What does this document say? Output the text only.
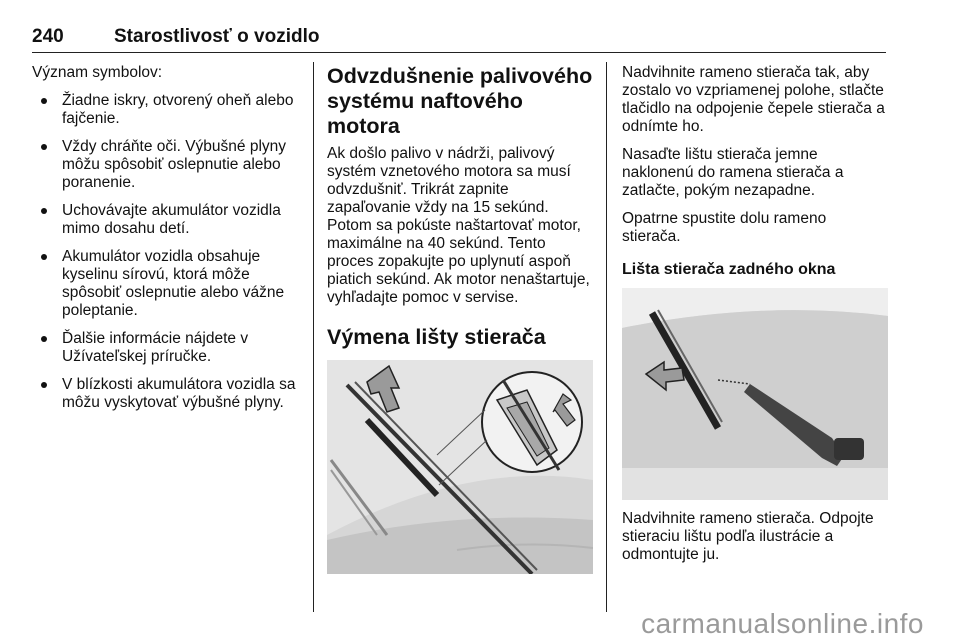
240	Starostlivosť o vozidlo

Význam symbolov:

Žiadne iskry, otvorený oheň alebo fajčenie.
Vždy chráňte oči. Výbušné plyny môžu spôsobiť oslepnutie alebo poranenie.
Uchovávajte akumulátor vozidla mimo dosahu detí.
Akumulátor vozidla obsahuje kyselinu sírovú, ktorá môže spôsobiť oslepnutie alebo vážne poleptanie.
Ďalšie informácie nájdete v Užívateľskej príručke.
V blízkosti akumulátora vozidla sa môžu vyskytovať výbušné plyny.
Odvzdušnenie palivového systému naftového motora

Ak došlo palivo v nádrži, palivový systém vznetového motora sa musí odvzdušniť. Trikrát zapnite zapaľovanie vždy na 15 sekúnd. Potom sa pokúste naštartovať motor, maximálne na 40 sekúnd. Tento proces zopakujte po uplynutí aspoň piatich sekúnd. Ak motor nenaštartuje, vyhľadajte pomoc v servise.

Výmena lišty stierača

Nadvihnite rameno stierača tak, aby zostalo vo vzpriamenej polohe, stlačte tlačidlo na odpojenie čepele stierača a odnímte ho.

Nasaďte lištu stierača jemne naklonenú do ramena stierača a zatlačte, pokým nezapadne.

Opatrne spustite dolu rameno stierača.

Lišta stierača zadného okna

Nadvihnite rameno stierača. Odpojte stieraciu lištu podľa ilustrácie a odmontujte ju.

carmanualsonline.info
